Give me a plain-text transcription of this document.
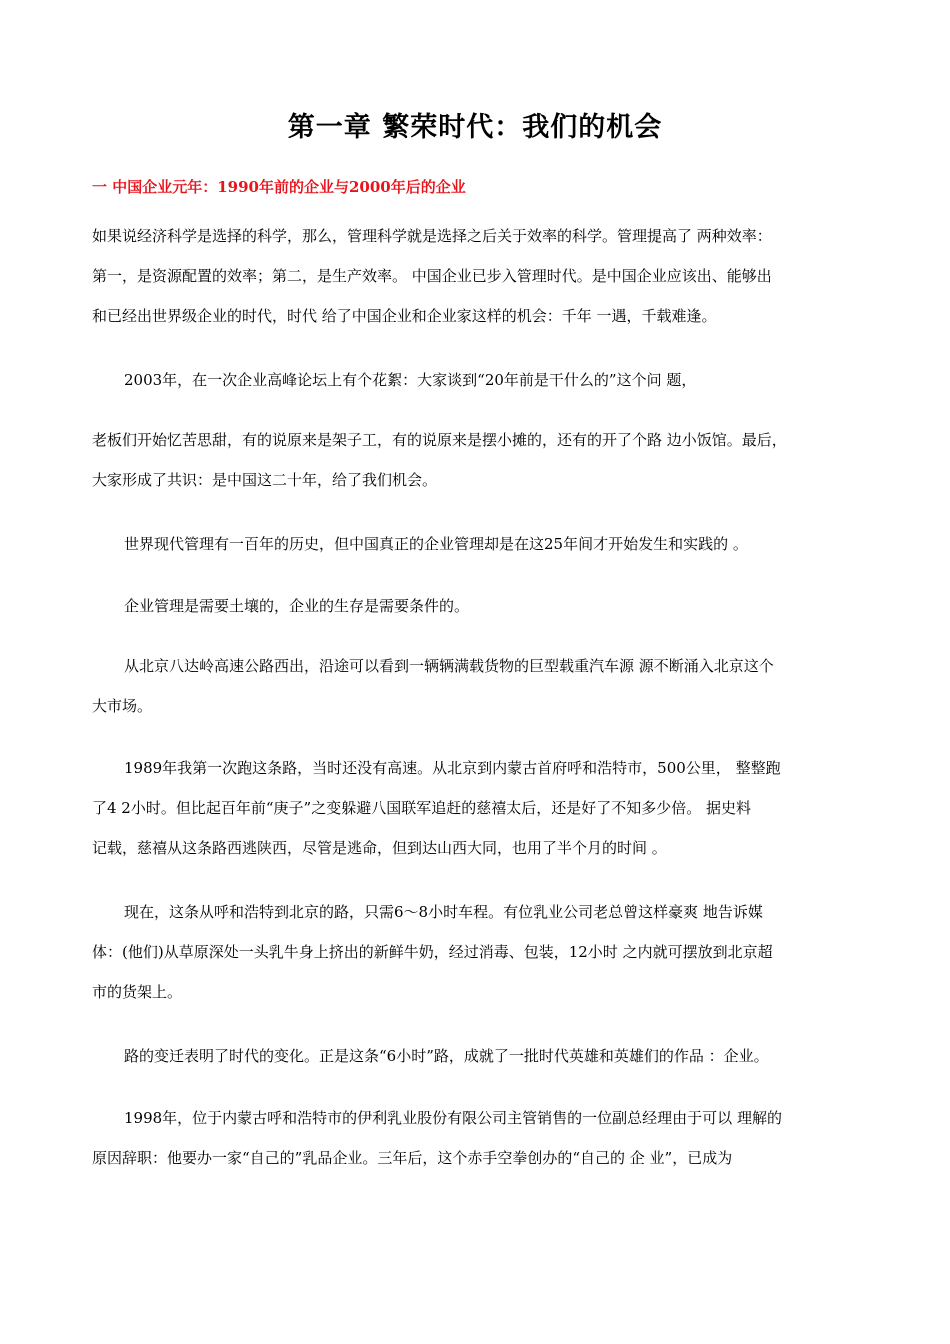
第一章 繁荣时代：我们的机会
一 中国企业元年：1990年前的企业与2000年后的企业

如果说经济科学是选择的科学，那么，管理科学就是选择之后关于效率的科学。管理提高了 两种效率：
第一，是资源配置的效率；第二，是生产效率。 中国企业已步入管理时代。是中国企业应该出、能够出
和已经出世界级企业的时代，时代 给了中国企业和企业家这样的机会：千年 一遇，千载难逢。

2003年，在一次企业高峰论坛上有个花絮：大家谈到“20年前是干什么的”这个问 题，

老板们开始忆苦思甜，有的说原来是架子工，有的说原来是摆小摊的，还有的开了个路 边小饭馆。最后，
大家形成了共识：是中国这二十年，给了我们机会。

世界现代管理有一百年的历史，但中国真正的企业管理却是在这25年间才开始发生和实践的 。

企业管理是需要土壤的，企业的生存是需要条件的。

从北京八达岭高速公路西出，沿途可以看到一辆辆满载货物的巨型载重汽车源 源不断涌入北京这个
大市场。

1989年我第一次跑这条路，当时还没有高速。从北京到内蒙古首府呼和浩特市，500公里， 整整跑
了4 2小时。但比起百年前“庚子”之变躲避八国联军追赶的慈禧太后，还是好了不知多少倍。 据史料
记载，慈禧从这条路西逃陕西，尽管是逃命，但到达山西大同，也用了半个月的时间 。

现在，这条从呼和浩特到北京的路，只需6～8小时车程。有位乳业公司老总曾这样豪爽 地告诉媒
体：(他们)从草原深处一头乳牛身上挤出的新鲜牛奶，经过消毒、包装，12小时 之内就可摆放到北京超
市的货架上。

路的变迁表明了时代的变化。正是这条“6小时”路，成就了一批时代英雄和英雄们的作品 ：企业。

1998年，位于内蒙古呼和浩特市的伊利乳业股份有限公司主管销售的一位副总经理由于可以 理解的
原因辞职：他要办一家“自己的”乳品企业。三年后，这个赤手空拳创办的“自己的 企 业”，已成为
